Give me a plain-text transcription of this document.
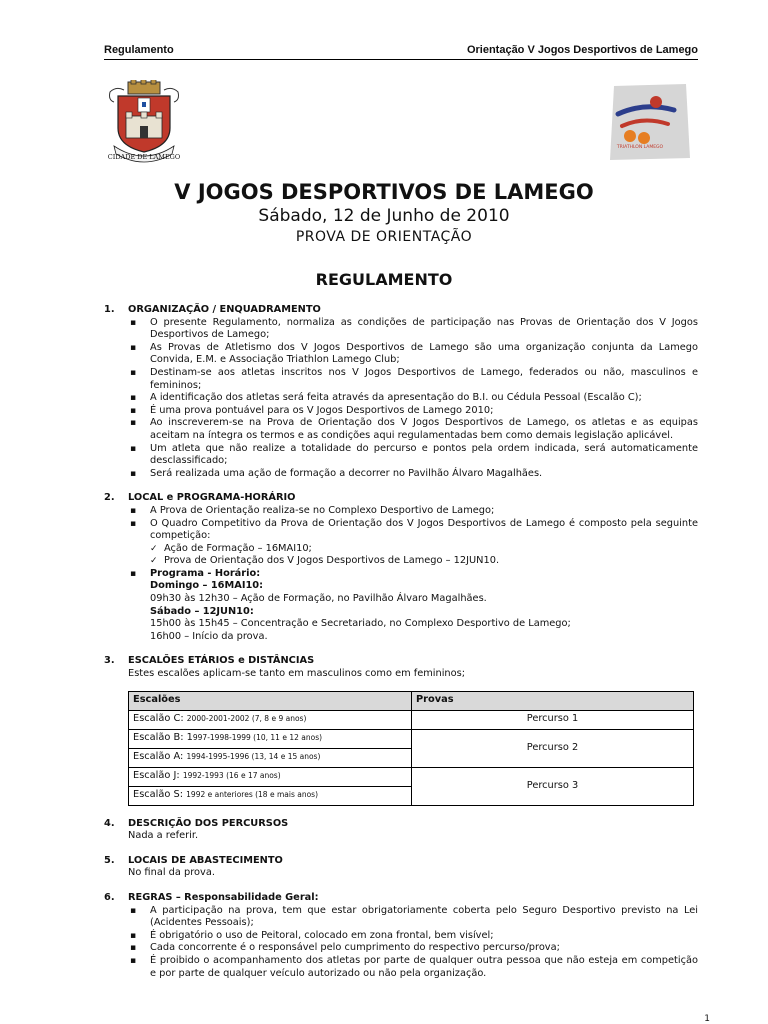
Regulamento	Orientação V Jogos Desportivos de Lamego
CIDADE DE LAMEGO
TRIATHLON LAMEGO
V JOGOS DESPORTIVOS DE LAMEGO
Sábado, 12 de Junho de 2010
PROVA DE ORIENTAÇÃO
REGULAMENTO
1. ORGANIZAÇÃO / ENQUADRAMENTO
▪ O presente Regulamento, normaliza as condições de participação nas Provas de Orientação dos V Jogos Desportivos de Lamego;
▪ As Provas de Atletismo dos V Jogos Desportivos de Lamego são uma organização conjunta da Lamego Convida, E.M. e Associação Triathlon Lamego Club;
▪ Destinam-se aos atletas inscritos nos V Jogos Desportivos de Lamego, federados ou não, masculinos e femininos;
▪ A identificação dos atletas será feita através da apresentação do B.I. ou Cédula Pessoal (Escalão C);
▪ É uma prova pontuável para os V Jogos Desportivos de Lamego 2010;
▪ Ao inscreverem-se na Prova de Orientação dos V Jogos Desportivos de Lamego, os atletas e as equipas aceitam na íntegra os termos e as condições aqui regulamentadas bem como demais legislação aplicável.
▪ Um atleta que não realize a totalidade do percurso e pontos pela ordem indicada, será automaticamente desclassificado;
▪ Será realizada uma ação de formação a decorrer no Pavilhão Álvaro Magalhães.
2. LOCAL e PROGRAMA-HORÁRIO
▪ A Prova de Orientação realiza-se no Complexo Desportivo de Lamego;
▪ O Quadro Competitivo da Prova de Orientação dos V Jogos Desportivos de Lamego é composto pela seguinte competição:
✓ Ação de Formação – 16MAI10;
✓ Prova de Orientação dos V Jogos Desportivos de Lamego – 12JUN10.
▪ Programa - Horário:
Domingo – 16MAI10:
09h30 às 12h30 – Ação de Formação, no Pavilhão Álvaro Magalhães.
Sábado – 12JUN10:
15h00 às 15h45 – Concentração e Secretariado, no Complexo Desportivo de Lamego;
16h00 – Início da prova.
3. ESCALÕES ETÁRIOS e DISTÂNCIAS
Estes escalões aplicam-se tanto em masculinos como em femininos;
Escalões	Provas
Escalão C: 2000-2001-2002 (7, 8 e 9 anos)	Percurso 1
Escalão B: 1997-1998-1999 (10, 11 e 12 anos)	Percurso 2
Escalão A: 1994-1995-1996 (13, 14 e 15 anos)	
Escalão J: 1992-1993 (16 e 17 anos)	Percurso 3
Escalão S: 1992 e anteriores (18 e mais anos)	
4. DESCRIÇÃO DOS PERCURSOS
Nada a referir.
5. LOCAIS DE ABASTECIMENTO
No final da prova.
6. REGRAS – Responsabilidade Geral:
▪ A participação na prova, tem que estar obrigatoriamente coberta pelo Seguro Desportivo previsto na Lei (Acidentes Pessoais);
▪ É obrigatório o uso de Peitoral, colocado em zona frontal, bem visível;
▪ Cada concorrente é o responsável pelo cumprimento do respectivo percurso/prova;
▪ É proibido o acompanhamento dos atletas por parte de qualquer outra pessoa que não esteja em competição e por parte de qualquer veículo autorizado ou não pela organização.
1
